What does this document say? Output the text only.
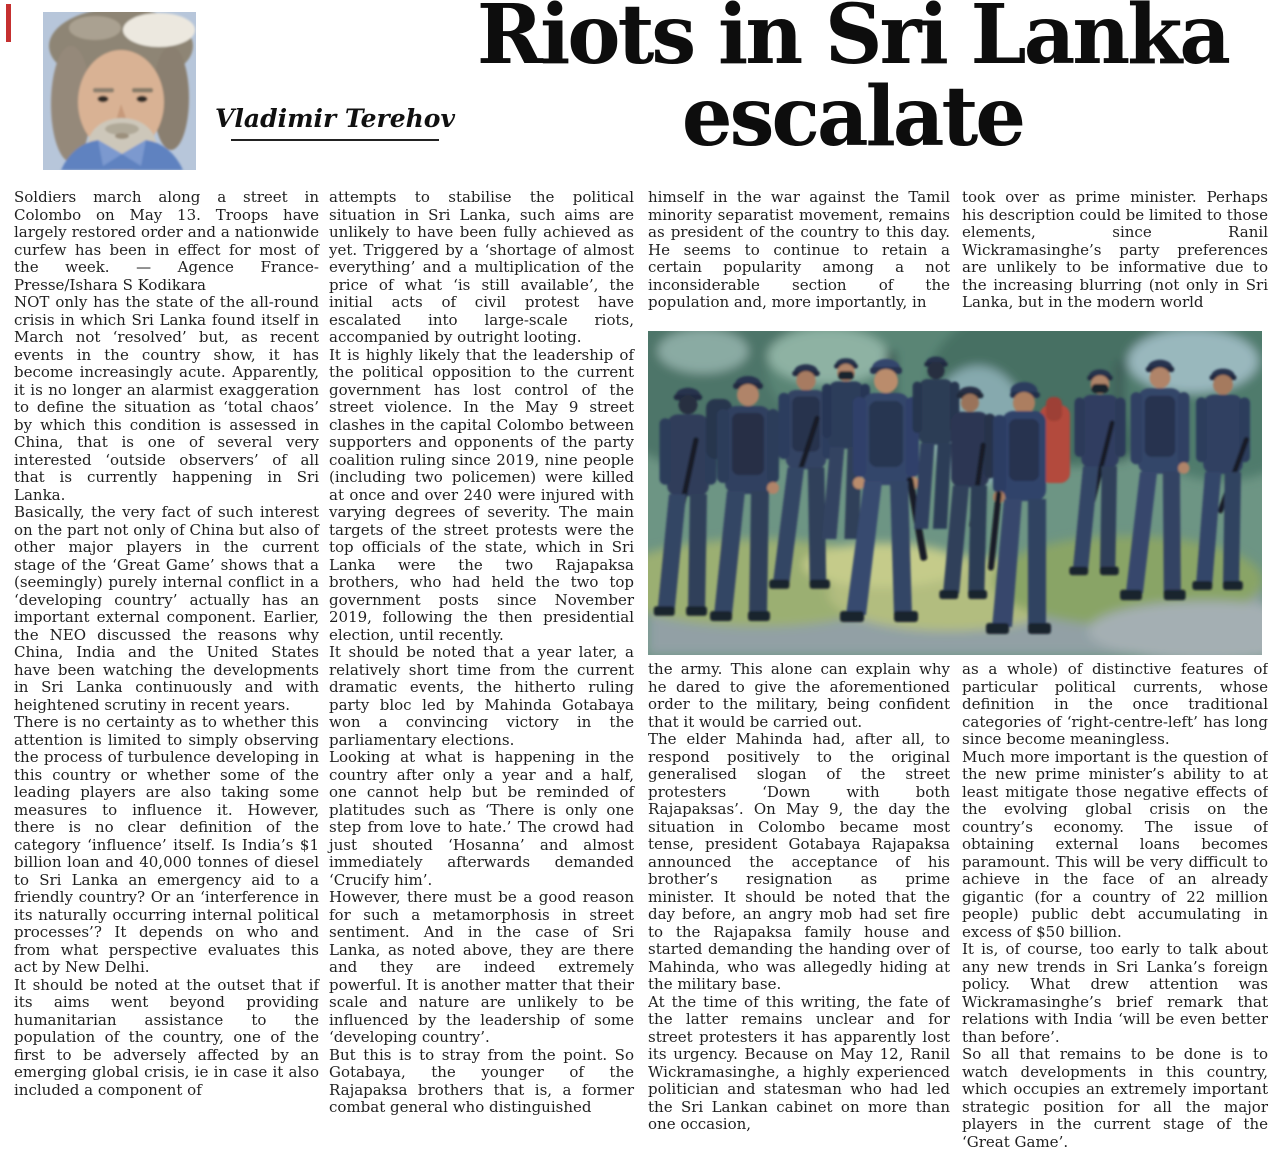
Vladimir Terehov
Riots in Sri Lanka
escalate

Soldiers march along a street in Colombo on May 13. Troops have largely restored order and a nationwide curfew has been in effect for most of the week. — Agence France-Presse/Ishara S Kodikara

NOT only has the state of the all-round crisis in which Sri Lanka found itself in March not ‘resolved’ but, as recent events in the country show, it has become increasingly acute. Apparently, it is no longer an alarmist exaggeration to define the situation as ‘total chaos’ by which this condition is assessed in China, that is one of several very interested ‘outside observers’ of all that is currently happening in Sri Lanka.

Basically, the very fact of such interest on the part not only of China but also of other major players in the current stage of the ‘Great Game’ shows that a (seemingly) purely internal conflict in a ‘developing country’ actually has an important external component. Earlier, the NEO discussed the reasons why China, India and the United States have been watching the developments in Sri Lanka continuously and with heightened scrutiny in recent years.

There is no certainty as to whether this attention is limited to simply observing the process of turbulence developing in this country or whether some of the leading players are also taking some measures to influence it. However, there is no clear definition of the category ‘influence’ itself. Is India’s $1 billion loan and 40,000 tonnes of diesel to Sri Lanka an emergency aid to a friendly country? Or an ‘interference in its naturally occurring internal political processes’? It depends on who and from what perspective evaluates this act by New Delhi.

It should be noted at the outset that if its aims went beyond providing humanitarian assistance to the population of the country, one of the first to be adversely affected by an emerging global crisis, ie in case it also included a component of

attempts to stabilise the political situation in Sri Lanka, such aims are unlikely to have been fully achieved as yet. Triggered by a ‘shortage of almost everything’ and a multiplication of the price of what ‘is still available’, the initial acts of civil protest have escalated into large-scale riots, accompanied by outright looting.

It is highly likely that the leadership of the political opposition to the current government has lost control of the street violence. In the May 9 street clashes in the capital Colombo between supporters and opponents of the party coalition ruling since 2019, nine people (including two policemen) were killed at once and over 240 were injured with varying degrees of severity. The main targets of the street protests were the top officials of the state, which in Sri Lanka were the two Rajapaksa brothers, who had held the two top government posts since November 2019, following the then presidential election, until recently.

It should be noted that a year later, a relatively short time from the current dramatic events, the hitherto ruling party bloc led by Mahinda Gotabaya won a convincing victory in the parliamentary elections.

Looking at what is happening in the country after only a year and a half, one cannot help but be reminded of platitudes such as ‘There is only one step from love to hate.’ The crowd had just shouted ‘Hosanna’ and almost immediately afterwards demanded ‘Crucify him’.

However, there must be a good reason for such a metamorphosis in street sentiment. And in the case of Sri Lanka, as noted above, they are there and they are indeed extremely powerful. It is another matter that their scale and nature are unlikely to be influenced by the leadership of some ‘developing country’.

But this is to stray from the point. So Gotabaya, the younger of the Rajapaksa brothers that is, a former combat general who distinguished

himself in the war against the Tamil minority separatist movement, remains as president of the country to this day. He seems to continue to retain a certain popularity among a not inconsiderable section of the population and, more importantly, in

took over as prime minister. Perhaps his description could be limited to those elements, since Ranil Wickramasinghe’s party preferences are unlikely to be informative due to the increasing blurring (not only in Sri Lanka, but in the modern world

the army. This alone can explain why he dared to give the aforementioned order to the military, being confident that it would be carried out.

The elder Mahinda had, after all, to respond positively to the original generalised slogan of the street protesters ‘Down with both Rajapaksas’. On May 9, the day the situation in Colombo became most tense, president Gotabaya Rajapaksa announced the acceptance of his brother’s resignation as prime minister. It should be noted that the day before, an angry mob had set fire to the Rajapaksa family house and started demanding the handing over of Mahinda, who was allegedly hiding at the military base.

At the time of this writing, the fate of the latter remains unclear and for street protesters it has apparently lost its urgency. Because on May 12, Ranil Wickramasinghe, a highly experienced politician and statesman who had led the Sri Lankan cabinet on more than one occasion,

as a whole) of distinctive features of particular political currents, whose definition in the once traditional categories of ‘right-centre-left’ has long since become meaningless.

Much more important is the question of the new prime minister’s ability to at least mitigate those negative effects of the evolving global crisis on the country’s economy. The issue of obtaining external loans becomes paramount. This will be very difficult to achieve in the face of an already gigantic (for a country of 22 million people) public debt accumulating in excess of $50 billion.

It is, of course, too early to talk about any new trends in Sri Lanka’s foreign policy. What drew attention was Wickramasinghe’s brief remark that relations with India ‘will be even better than before’.

So all that remains to be done is to watch developments in this country, which occupies an extremely important strategic position for all the major players in the current stage of the ‘Great Game’.
